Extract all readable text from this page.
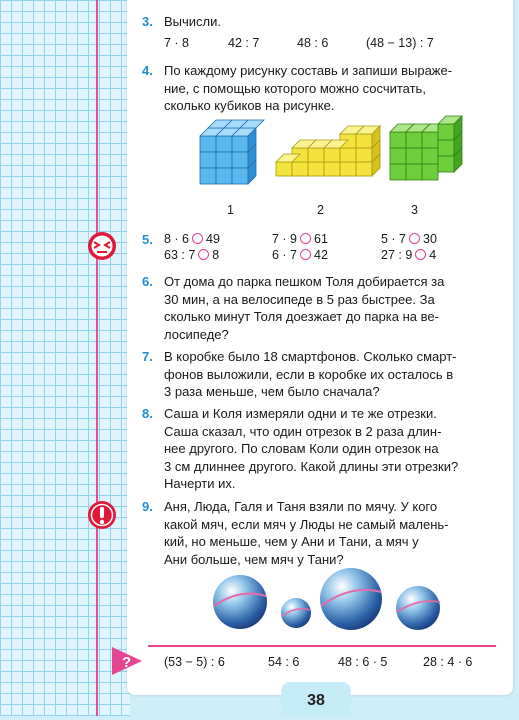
3. Вычисли.
7 · 8	42 : 7	48 : 6	(48 − 13) : 7
4. По каждому рисунку составь и запиши выраже-
ние, с помощью которого можно сосчитать,
сколько кубиков на рисунке.
1	2	3
5. 8 · 6 49	7 · 9 61	5 · 7 30
63 : 7 8	6 · 7 42	27 : 9 4
6. От дома до парка пешком Толя добирается за
30 мин, а на велосипеде в 5 раз быстрее. За
сколько минут Толя доезжает до парка на ве-
лосипеде?
7. В коробке было 18 смартфонов. Сколько смарт-
фонов выложили, если в коробке их осталось в
3 раза меньше, чем было сначала?
8. Саша и Коля измеряли одни и те же отрезки.
Саша сказал, что один отрезок в 2 раза длин-
нее другого. По словам Коли один отрезок на
3 см длиннее другого. Какой длины эти отрезки?
Начерти их.
9. Аня, Люда, Галя и Таня взяли по мячу. У кого
какой мяч, если мяч у Люды не самый малень-
кий, но меньше, чем у Ани и Тани, а мяч у
Ани больше, чем мяч у Тани?
?	(53 − 5) : 6	54 : 6	48 : 6 · 5	28 : 4 · 6
38
